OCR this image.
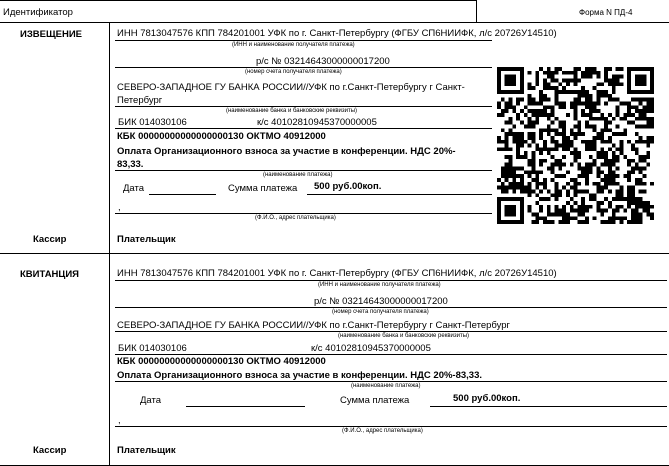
Идентификатор	Форма N ПД-4
ИЗВЕЩЕНИЕ	ИНН 7813047576 КПП 784201001 УФК по г. Санкт-Петербургу (ФГБУ СП6НИИФК, л/с 20726У14510)
(ИНН и наименование получателя платежа)
р/с № 03214643000000017200
(номер счета получателя платежа)
СЕВЕРО-ЗАПАДНОЕ ГУ БАНКА РОССИИ//УФК по г.Санкт-Петербургу г Санкт-
Петербург
(наименование банка и банковские реквизиты)
БИК 014030106	к/с 40102810945370000005
КБК 00000000000000000130 ОКТМО 40912000
Оплата Организационного взноса за участие в конференции. НДС 20%-
83,33.
(наименование платежа)
Дата	Сумма платежа 500 руб.00коп.
,
(Ф.И.О., адрес плательщика)
Кассир	Плательщик
КВИТАНЦИЯ	ИНН 7813047576 КПП 784201001 УФК по г. Санкт-Петербургу (ФГБУ СП6НИИФК, л/с 20726У14510)
(ИНН и наименование получателя платежа)
р/с № 03214643000000017200
(номер счета получателя платежа)
СЕВЕРО-ЗАПАДНОЕ ГУ БАНКА РОССИИ//УФК по г.Санкт-Петербургу г Санкт-Петербург
(наименование банка и банковские реквизиты)
БИК 014030106	к/с 40102810945370000005
КБК 00000000000000000130 ОКТМО 40912000
Оплата Организационного взноса за участие в конференции. НДС 20%-83,33.
(наименование платежа)
Дата	Сумма платежа	500 руб.00коп.
,
(Ф.И.О., адрес плательщика)
Кассир	Плательщик
